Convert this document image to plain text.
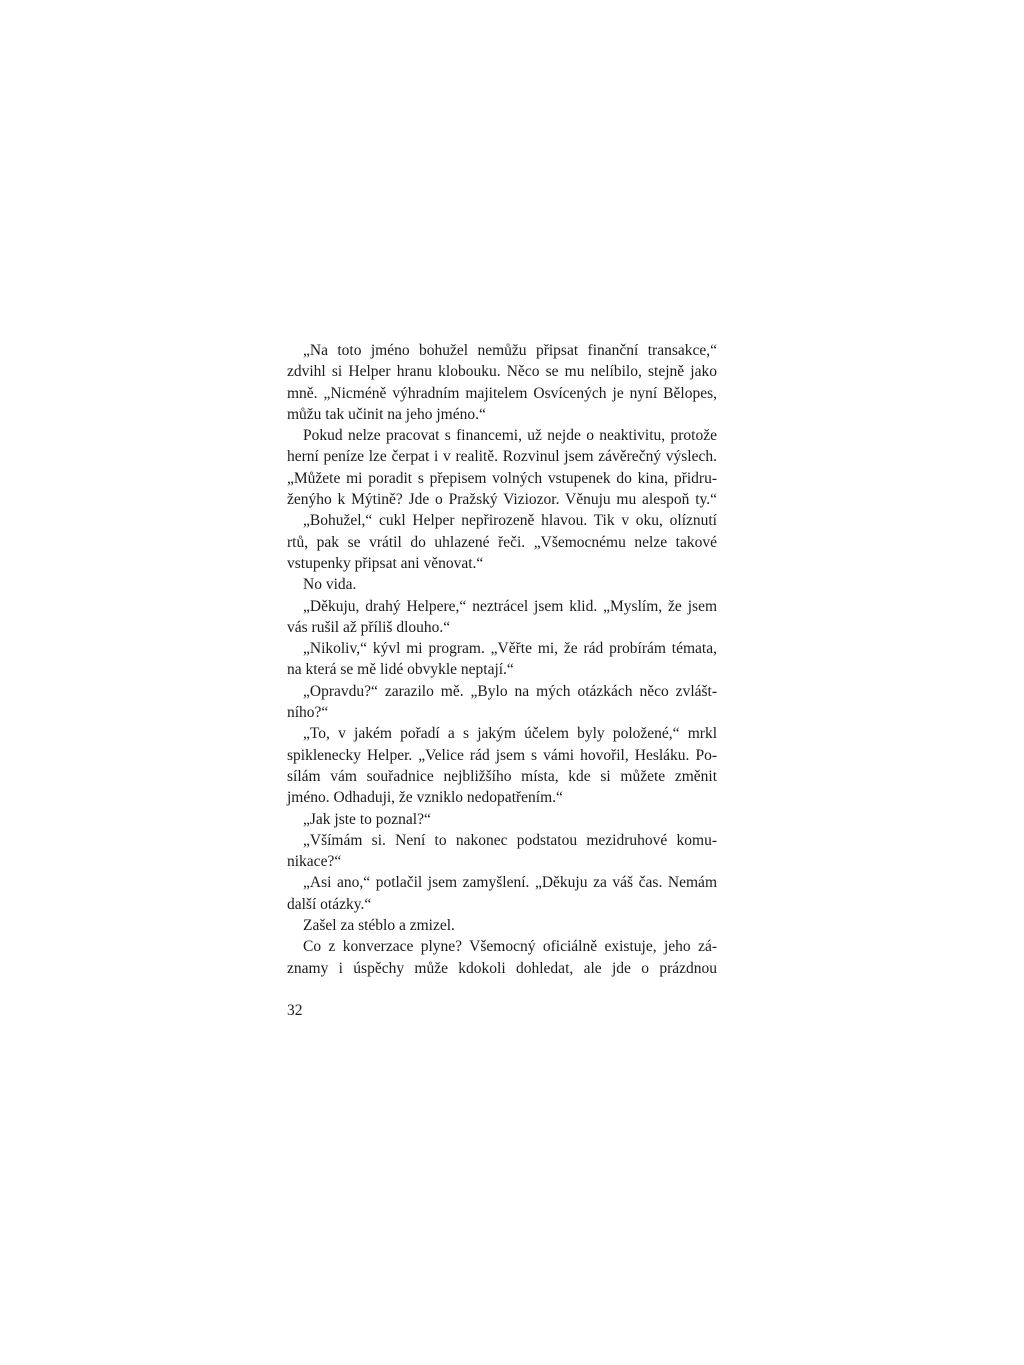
„Na toto jméno bohužel nemůžu připsat finanční transakce,“
zdvihl si Helper hranu klobouku. Něco se mu nelíbilo, stejně jako
mně. „Nicméně výhradním majitelem Osvícených je nyní Bělopes,
můžu tak učinit na jeho jméno.“
Pokud nelze pracovat s financemi, už nejde o neaktivitu, protože
herní peníze lze čerpat i v realitě. Rozvinul jsem závěrečný výslech.
„Můžete mi poradit s přepisem volných vstupenek do kina, přidru-
ženýho k Mýtině? Jde o Pražský Viziozor. Věnuju mu alespoň ty.“
„Bohužel,“ cukl Helper nepřirozeně hlavou. Tik v oku, olíznutí
rtů, pak se vrátil do uhlazené řeči. „Všemocnému nelze takové
vstupenky připsat ani věnovat.“
No vida.
„Děkuju, drahý Helpere,“ neztrácel jsem klid. „Myslím, že jsem
vás rušil až příliš dlouho.“
„Nikoliv,“ kývl mi program. „Věřte mi, že rád probírám témata,
na která se mě lidé obvykle neptají.“
„Opravdu?“ zarazilo mě. „Bylo na mých otázkách něco zvlášt-
ního?“
„To, v jakém pořadí a s jakým účelem byly položené,“ mrkl
spiklenecky Helper. „Velice rád jsem s vámi hovořil, Hesláku. Po-
sílám vám souřadnice nejbližšího místa, kde si můžete změnit
jméno. Odhaduji, že vzniklo nedopatřením.“
„Jak jste to poznal?“
„Všímám si. Není to nakonec podstatou mezidruhové komu-
nikace?“
„Asi ano,“ potlačil jsem zamyšlení. „Děkuju za váš čas. Nemám
další otázky.“
Zašel za stéblo a zmizel.
Co z konverzace plyne? Všemocný oficiálně existuje, jeho zá-
znamy i úspěchy může kdokoli dohledat, ale jde o prázdnou
32
